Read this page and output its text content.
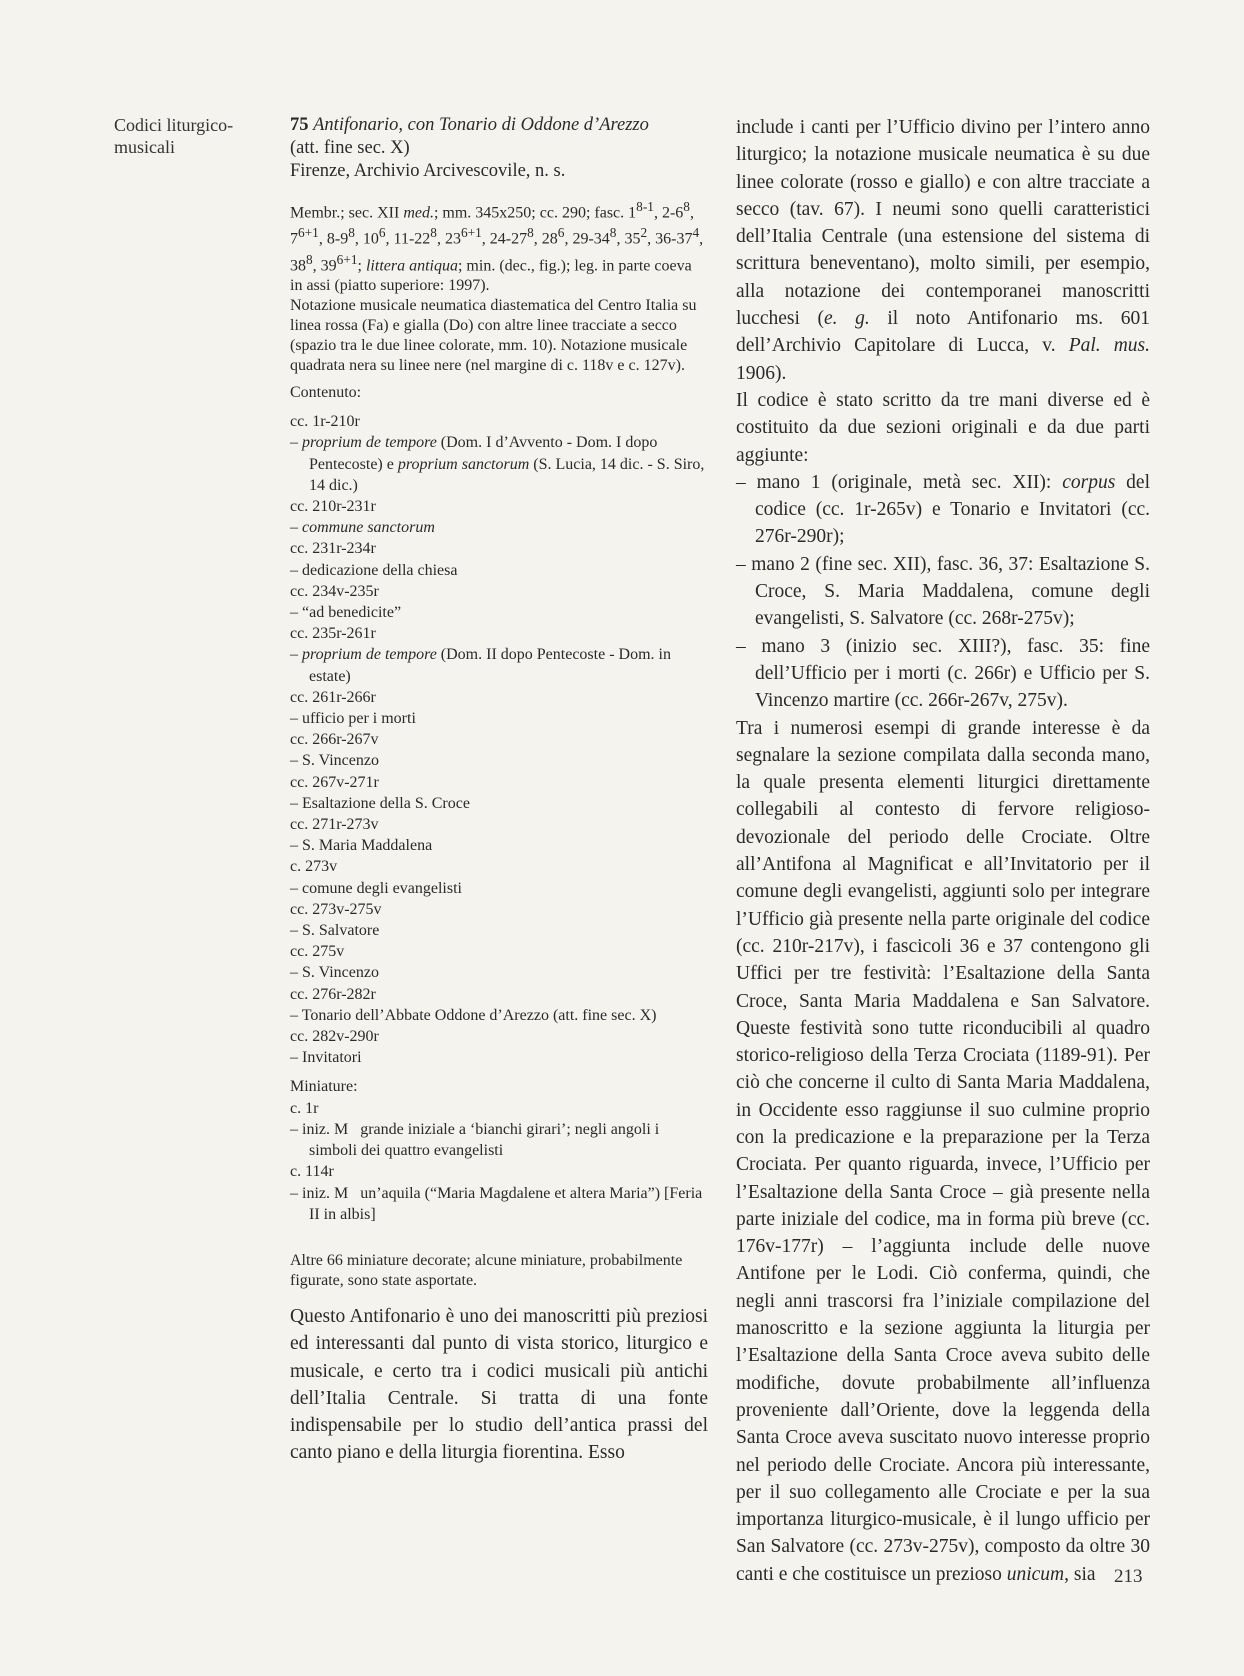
Codici liturgico-musicali
75 Antifonario, con Tonario di Oddone d’Arezzo
(att. fine sec. X)
Firenze, Archivio Arcivescovile, n. s.
Membr.; sec. XII med.; mm. 345x250; cc. 290; fasc. 1$^{8-1}$, $2-6^8$, $7^{6+1}$, $8-9^8$, $10^6$, $11-22^8$, $23^{6+1}$, $24-27^8$, $28^6$, $29-34^8$, $35^2$, $36-37^4$, $38^8$, $39^{6+1}$; littera antiqua; min. (dec., fig.); leg. in parte coeva in assi (piatto superiore: 1997).
Notazione musicale neumatica diastematica del Centro Italia su linea rossa (Fa) e gialla (Do) con altre linee tracciate a secco (spazio tra le due linee colorate, mm. 10). Notazione musicale quadrata nera su linee nere (nel margine di c. 118v e c. 127v).
Contenuto:
cc. 1r-210r
– proprium de tempore (Dom. I d’Avvento - Dom. I dopo Pentecoste) e proprium sanctorum (S. Lucia, 14 dic. - S. Siro, 14 dic.)
cc. 210r-231r
– commune sanctorum
cc. 231r-234r
– dedicazione della chiesa
cc. 234v-235r
– “ad benedicite”
cc. 235r-261r
– proprium de tempore (Dom. II dopo Pentecoste - Dom. in estate)
cc. 261r-266r
– ufficio per i morti
cc. 266r-267v
– S. Vincenzo
cc. 267v-271r
– Esaltazione della S. Croce
cc. 271r-273v
– S. Maria Maddalena
c. 273v
– comune degli evangelisti
cc. 273v-275v
– S. Salvatore
cc. 275v
– S. Vincenzo
cc. 276r-282r
– Tonario dell’Abbate Oddone d’Arezzo (att. fine sec. X)
cc. 282v-290r
– Invitatori
Miniature:
c. 1r
– iniz. M   grande iniziale a ‘bianchi girari’; negli angoli i simboli dei quattro evangelisti
c. 114r
– iniz. M   un’aquila (“Maria Magdalene et altera Maria”) [Feria II in albis]
Altre 66 miniature decorate; alcune miniature, probabilmente figurate, sono state asportate.
Questo Antifonario è uno dei manoscritti più preziosi ed interessanti dal punto di vista storico, liturgico e musicale, e certo tra i codici musicali più antichi dell’Italia Centrale. Si tratta di una fonte indispensabile per lo studio dell’antica prassi del canto piano e della liturgia fiorentina. Esso
include i canti per l’Ufficio divino per l’intero anno liturgico; la notazione musicale neumatica è su due linee colorate (rosso e giallo) e con altre tracciate a secco (tav. 67). I neumi sono quelli caratteristici dell’Italia Centrale (una estensione del sistema di scrittura beneventano), molto simili, per esempio, alla notazione dei contemporanei manoscritti lucchesi (e. g. il noto Antifonario ms. 601 dell’Archivio Capitolare di Lucca, v. Pal. mus. 1906).
Il codice è stato scritto da tre mani diverse ed è costituito da due sezioni originali e da due parti aggiunte:
– mano 1 (originale, metà sec. XII): corpus del codice (cc. 1r-265v) e Tonario e Invitatori (cc. 276r-290r);
– mano 2 (fine sec. XII), fasc. 36, 37: Esaltazione S. Croce, S. Maria Maddalena, comune degli evangelisti, S. Salvatore (cc. 268r-275v);
– mano 3 (inizio sec. XIII?), fasc. 35: fine dell’Ufficio per i morti (c. 266r) e Ufficio per S. Vincenzo martire (cc. 266r-267v, 275v).
Tra i numerosi esempi di grande interesse è da segnalare la sezione compilata dalla seconda mano, la quale presenta elementi liturgici direttamente collegabili al contesto di fervore religioso-devozionale del periodo delle Crociate. Oltre all’Antifona al Magnificat e all’Invitatorio per il comune degli evangelisti, aggiunti solo per integrare l’Ufficio già presente nella parte originale del codice (cc. 210r-217v), i fascicoli 36 e 37 contengono gli Uffici per tre festività: l’Esaltazione della Santa Croce, Santa Maria Maddalena e San Salvatore. Queste festività sono tutte riconducibili al quadro storico-religioso della Terza Crociata (1189-91). Per ciò che concerne il culto di Santa Maria Maddalena, in Occidente esso raggiunse il suo culmine proprio con la predicazione e la preparazione per la Terza Crociata. Per quanto riguarda, invece, l’Ufficio per l’Esaltazione della Santa Croce – già presente nella parte iniziale del codice, ma in forma più breve (cc. 176v-177r) – l’aggiunta include delle nuove Antifone per le Lodi. Ciò conferma, quindi, che negli anni trascorsi fra l’iniziale compilazione del manoscritto e la sezione aggiunta la liturgia per l’Esaltazione della Santa Croce aveva subito delle modifiche, dovute probabilmente all’influenza proveniente dall’Oriente, dove la leggenda della Santa Croce aveva suscitato nuovo interesse proprio nel periodo delle Crociate. Ancora più interessante, per il suo collegamento alle Crociate e per la sua importanza liturgico-musicale, è il lungo ufficio per San Salvatore (cc. 273v-275v), composto da oltre 30 canti e che costituisce un prezioso unicum, sia 213
